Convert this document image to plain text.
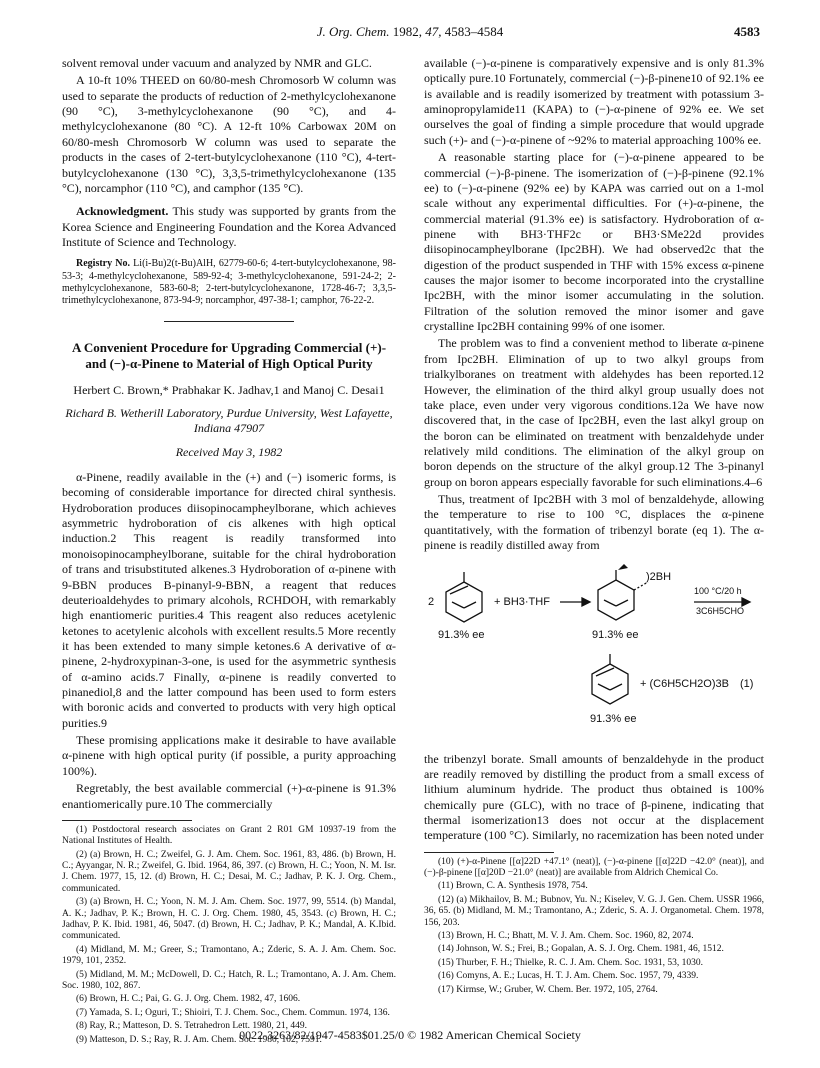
J. Org. Chem. 1982, 47, 4583–4584	4583

solvent removal under vacuum and analyzed by NMR and GLC.

A 10-ft 10% THEED on 60/80-mesh Chromosorb W column was used to separate the products of reduction of 2-methylcyclohexanone (90 °C), 3-methylcyclohexanone (90 °C), and 4-methylcyclohexanone (80 °C). A 12-ft 10% Carbowax 20M on 60/80-mesh Chromosorb W column was used to separate the products in the cases of 2-tert-butylcyclohexanone (110 °C), 4-tert-butylcyclohexanone (130 °C), 3,3,5-trimethylcyclohexanone (135 °C), norcamphor (110 °C), and camphor (135 °C).

Acknowledgment. This study was supported by grants from the Korea Science and Engineering Foundation and the Korea Advanced Institute of Science and Technology.

Registry No. Li(i-Bu)2(t-Bu)AlH, 62779-60-6; 4-tert-butylcyclohexanone, 98-53-3; 4-methylcyclohexanone, 589-92-4; 3-methylcyclohexanone, 591-24-2; 2-methylcyclohexanone, 583-60-8; 2-tert-butylcyclohexanone, 1728-46-7; 3,3,5-trimethylcyclohexanone, 873-94-9; norcamphor, 497-38-1; camphor, 76-22-2.

A Convenient Procedure for Upgrading Commercial (+)- and (−)-α-Pinene to Material of High Optical Purity
Herbert C. Brown,* Prabhakar K. Jadhav,1 and Manoj C. Desai1
Richard B. Wetherill Laboratory, Purdue University, West Lafayette, Indiana 47907
Received May 3, 1982

α-Pinene, readily available in the (+) and (−) isomeric forms, is becoming of considerable importance for directed chiral synthesis. Hydroboration produces diisopinocampheylborane, which achieves asymmetric hydroboration of cis alkenes with high optical induction.2 This reagent is readily transformed into monoisopinocampheylborane, suitable for the chiral hydroboration of trans and trisubstituted alkenes.3 Hydroboration of α-pinene with 9-BBN produces B-pinanyl-9-BBN, a reagent that reduces deuterioaldehydes to primary alcohols, RCHDOH, with remarkably high enantiomeric purities.4 This reagent also reduces acetylenic ketones to acetylenic alcohols with excellent results.5 More recently it has been extended to many simple ketones.6 A derivative of α-pinene, 2-hydroxypinan-3-one, is used for the asymmetric synthesis of α-amino acids.7 Finally, α-pinene is readily converted to pinanediol,8 and the latter compound has been used to form esters with boronic acids and converted to products with very high optical purities.9

These promising applications make it desirable to have available α-pinene with high optical purity (if possible, a purity approaching 100%).

Regretably, the best available commercial (+)-α-pinene is 91.3% enantiomerically pure.10 The commercially

(1) Postdoctoral research associates on Grant 2 R01 GM 10937-19 from the National Institutes of Health.

(2) (a) Brown, H. C.; Zweifel, G. J. Am. Chem. Soc. 1961, 83, 486. (b) Brown, H. C.; Ayyangar, N. R.; Zweifel, G. Ibid. 1964, 86, 397. (c) Brown, H. C.; Yoon, N. M. Isr. J. Chem. 1977, 15, 12. (d) Brown, H. C.; Desai, M. C.; Jadhav, P. K. J. Org. Chem., communicated.

(3) (a) Brown, H. C.; Yoon, N. M. J. Am. Chem. Soc. 1977, 99, 5514. (b) Mandal, A. K.; Jadhav, P. K.; Brown, H. C. J. Org. Chem. 1980, 45, 3543. (c) Brown, H. C.; Jadhav, P. K. Ibid. 1981, 46, 5047. (d) Brown, H. C.; Jadhav, P. K.; Mandal, A. K.Ibid. communicated.

(4) Midland, M. M.; Greer, S.; Tramontano, A.; Zderic, S. A. J. Am. Chem. Soc. 1979, 101, 2352.

(5) Midland, M. M.; McDowell, D. C.; Hatch, R. L.; Tramontano, A. J. Am. Chem. Soc. 1980, 102, 867.

(6) Brown, H. C.; Pai, G. G. J. Org. Chem. 1982, 47, 1606.

(7) Yamada, S. I.; Oguri, T.; Shioiri, T. J. Chem. Soc., Chem. Commun. 1974, 136.

(8) Ray, R.; Matteson, D. S. Tetrahedron Lett. 1980, 21, 449.

(9) Matteson, D. S.; Ray, R. J. Am. Chem. Soc. 1980, 102, 7591.

available (−)-α-pinene is comparatively expensive and is only 81.3% optically pure.10 Fortunately, commercial (−)-β-pinene10 of 92.1% ee is available and is readily isomerized by treatment with potassium 3-aminopropylamide11 (KAPA) to (−)-α-pinene of 92% ee. We set ourselves the goal of finding a simple procedure that would upgrade such (+)- and (−)-α-pinene of ~92% to material approaching 100% ee.

A reasonable starting place for (−)-α-pinene appeared to be commercial (−)-β-pinene. The isomerization of (−)-β-pinene (92.1% ee) to (−)-α-pinene (92% ee) by KAPA was carried out on a 1-mol scale without any experimental difficulties. For (+)-α-pinene, the commercial material (91.3% ee) is satisfactory. Hydroboration of α-pinene with BH3·THF2c or BH3·SMe22d provides diisopinocampheylborane (Ipc2BH). We had observed2c that the digestion of the product suspended in THF with 15% excess α-pinene causes the major isomer to become incorporated into the crystalline Ipc2BH, with the minor isomer accumulating in the solution. Filtration of the solution removed the minor isomer and gave crystalline Ipc2BH containing 99% of one isomer.

The problem was to find a convenient method to liberate α-pinene from Ipc2BH. Elimination of up to two alkyl groups from trialkylboranes on treatment with aldehydes has been reported.12 However, the elimination of the third alkyl group usually does not take place, even under very vigorous conditions.12a We have now discovered that, in the case of Ipc2BH, even the last alkyl group on the boron can be eliminated on treatment with benzaldehyde under relatively mild conditions. The elimination of the alkyl group on boron depends on the structure of the alkyl group.12 The 3-pinanyl group on boron appears especially favorable for such eliminations.4–6

Thus, treatment of Ipc2BH with 3 mol of benzaldehyde, allowing the temperature to rise to 100 °C, displaces the α-pinene quantitatively, with the formation of tribenzyl borate (eq 1). The α-pinene is readily distilled away from

2	+ BH3·THF
)2BH
100 °C/20 h
3C6H5CHO
91.3% ee	91.3% ee
+ (C6H5CH2O)3B (1)
91.3% ee

the tribenzyl borate. Small amounts of benzaldehyde in the product are readily removed by distilling the product from a small excess of lithium aluminum hydride. The product thus obtained is 100% chemically pure (GLC), with no trace of β-pinene, indicating that thermal isomerization13 does not occur at the displacement temperature (100 °C). Similarly, no racemization has been noted under

(10) (+)-α-Pinene [[α]22D +47.1° (neat)], (−)-α-pinene [[α]22D −42.0° (neat)], and (−)-β-pinene [[α]20D −21.0° (neat)] are available from Aldrich Chemical Co.

(11) Brown, C. A. Synthesis 1978, 754.

(12) (a) Mikhailov, B. M.; Bubnov, Yu. N.; Kiselev, V. G. J. Gen. Chem. USSR 1966, 36, 65. (b) Midland, M. M.; Tramontano, A.; Zderic, S. A. J. Organometal. Chem. 1978, 156, 203.

(13) Brown, H. C.; Bhatt, M. V. J. Am. Chem. Soc. 1960, 82, 2074.

(14) Johnson, W. S.; Frei, B.; Gopalan, A. S. J. Org. Chem. 1981, 46, 1512.

(15) Thurber, F. H.; Thielke, R. C. J. Am. Chem. Soc. 1931, 53, 1030.

(16) Comyns, A. E.; Lucas, H. T. J. Am. Chem. Soc. 1957, 79, 4339.

(17) Kirmse, W.; Gruber, W. Chem. Ber. 1972, 105, 2764.

0022-3263/82/1947-4583$01.25/0 © 1982 American Chemical Society
